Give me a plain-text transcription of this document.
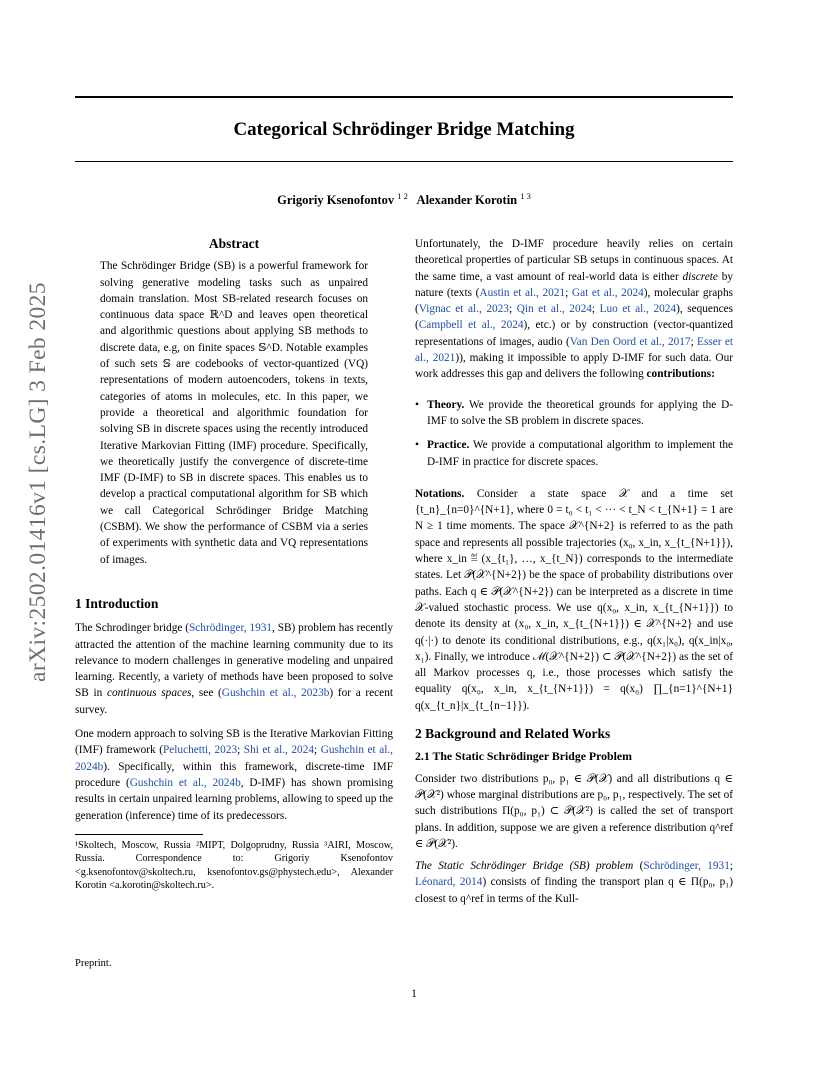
Categorical Schrödinger Bridge Matching
Grigoriy Ksenofontov $^{1 2}$ Alexander Korotin $^{1 3}$
arXiv:2502.01416v1 [cs.LG] 3 Feb 2025
Abstract

The Schrödinger Bridge (SB) is a powerful framework for solving generative modeling tasks such as unpaired domain translation. Most SB-related research focuses on continuous data space ℝ^D and leaves open theoretical and algorithmic questions about applying SB methods to discrete data, e.g, on finite spaces 𝕊^D. Notable examples of such sets 𝕊 are codebooks of vector-quantized (VQ) representations of modern autoencoders, tokens in texts, categories of atoms in molecules, etc. In this paper, we provide a theoretical and algorithmic foundation for solving SB in discrete spaces using the recently introduced Iterative Markovian Fitting (IMF) procedure. Specifically, we theoretically justify the convergence of discrete-time IMF (D-IMF) to SB in discrete spaces. This enables us to develop a practical computational algorithm for SB which we call Categorical Schrödinger Bridge Matching (CSBM). We show the performance of CSBM via a series of experiments with synthetic data and VQ representations of images.

1 Introduction

The Schrodinger bridge (Schrödinger, 1931, SB) problem has recently attracted the attention of the machine learning community due to its relevance to modern challenges in generative modeling and unpaired learning. Recently, a variety of methods have been proposed to solve SB in continuous spaces, see (Gushchin et al., 2023b) for a recent survey.

One modern approach to solving SB is the Iterative Markovian Fitting (IMF) framework (Peluchetti, 2023; Shi et al., 2024; Gushchin et al., 2024b). Specifically, within this framework, discrete-time IMF procedure (Gushchin et al., 2024b, D-IMF) has shown promising results in certain unpaired learning problems, allowing to speed up the generation (inference) time of its predecessors.

¹Skoltech, Moscow, Russia ²MIPT, Dolgoprudny, Russia ³AIRI, Moscow, Russia. Correspondence to: Grigoriy Ksenofontov <g.ksenofontov@skoltech.ru, ksenofontov.gs@phystech.edu>, Alexander Korotin <a.korotin@skoltech.ru>.

Preprint.

Unfortunately, the D-IMF procedure heavily relies on certain theoretical properties of particular SB setups in continuous spaces. At the same time, a vast amount of real-world data is either discrete by nature (texts (Austin et al., 2021; Gat et al., 2024), molecular graphs (Vignac et al., 2023; Qin et al., 2024; Luo et al., 2024), sequences (Campbell et al., 2024), etc.) or by construction (vector-quantized representations of images, audio (Van Den Oord et al., 2017; Esser et al., 2021)), making it impossible to apply D-IMF for such data. Our work addresses this gap and delivers the following contributions:

• Theory. We provide the theoretical grounds for applying the D-IMF to solve the SB problem in discrete spaces.
• Practice. We provide a computational algorithm to implement the D-IMF in practice for discrete spaces.

Notations. Consider a state space 𝒳 and a time set {t_n}_{n=0}^{N+1}, where 0 = t₀ < t₁ < ··· < t_N < t_{N+1} = 1 are N ≥ 1 time moments. The space 𝒳^{N+2} is referred to as the path space and represents all possible trajectories (x₀, x_in, x_{t_{N+1}}), where x_in ≝ (x_{t₁}, …, x_{t_N}) corresponds to the intermediate states. Let 𝒫(𝒳^{N+2}) be the space of probability distributions over paths. Each q ∈ 𝒫(𝒳^{N+2}) can be interpreted as a discrete in time 𝒳-valued stochastic process. We use q(x₀, x_in, x_{t_{N+1}}) to denote its density at (x₀, x_in, x_{t_{N+1}}) ∈ 𝒳^{N+2} and use q(·|·) to denote its conditional distributions, e.g., q(x₁|x₀), q(x_in|x₀, x₁). Finally, we introduce ℳ(𝒳^{N+2}) ⊂ 𝒫(𝒳^{N+2}) as the set of all Markov processes q, i.e., those processes which satisfy the equality q(x₀, x_in, x_{t_{N+1}}) = q(x₀) ∏_{n=1}^{N+1} q(x_{t_n}|x_{t_{n−1}}).

2 Background and Related Works

2.1 The Static Schrödinger Bridge Problem

Consider two distributions p₀, p₁ ∈ 𝒫(𝒳) and all distributions q ∈ 𝒫(𝒳²) whose marginal distributions are p₀, p₁, respectively. The set of such distributions Π(p₀, p₁) ⊂ 𝒫(𝒳²) is called the set of transport plans. In addition, suppose we are given a reference distribution q^ref ∈ 𝒫(𝒳²).

The Static Schrödinger Bridge (SB) problem (Schrödinger, 1931; Léonard, 2014) consists of finding the transport plan q ∈ Π(p₀, p₁) closest to q^ref in terms of the Kull-

1
